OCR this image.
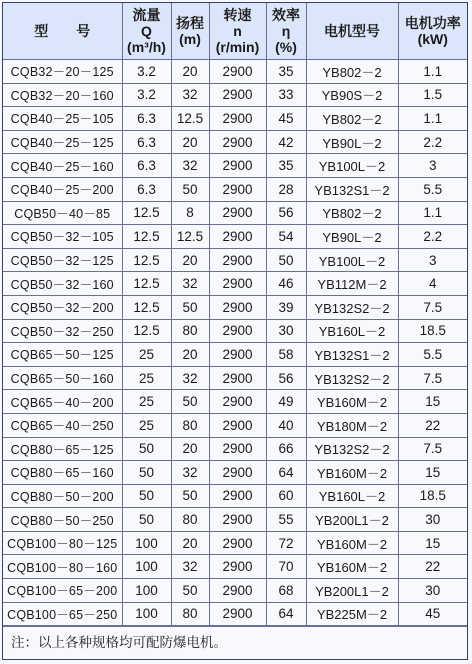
型　　号	流量
Q
(m³/h)	扬程
(m)	转速
n
(r/min)	效率
η
(%)	电机型号	电机功率
(kW)

CQB32－20－125	3.2	20	2900	35	YB802－2	1.1
CQB32－20－160	3.2	32	2900	33	YB90S－2	1.5
CQB40－25－105	6.3	12.5	2900	45	YB802－2	1.1
CQB40－25－125	6.3	20	2900	42	YB90L－2	2.2
CQB40－25－160	6.3	32	2900	35	YB100L－2	3
CQB40－25－200	6.3	50	2900	28	YB132S1－2	5.5
CQB50－40－85	12.5	8	2900	56	YB802－2	1.1
CQB50－32－105	12.5	12.5	2900	54	YB90L－2	2.2
CQB50－32－125	12.5	20	2900	50	YB100L－2	3
CQB50－32－160	12.5	32	2900	46	YB112M－2	4
CQB50－32－200	12.5	50	2900	39	YB132S2－2	7.5
CQB50－32－250	12.5	80	2900	30	YB160L－2	18.5
CQB65－50－125	25	20	2900	58	YB132S1－2	5.5
CQB65－50－160	25	32	2900	56	YB132S2－2	7.5
CQB65－40－200	25	50	2900	49	YB160M－2	15
CQB65－40－250	25	80	2900	40	YB180M－2	22
CQB80－65－125	50	20	2900	66	YB132S2－2	7.5
CQB80－65－160	50	32	2900	64	YB160M－2	15
CQB80－50－200	50	50	2900	60	YB160L－2	18.5
CQB80－50－250	50	80	2900	55	YB200L1－2	30
CQB100－80－125	100	20	2900	72	YB160M－2	15
CQB100－80－160	100	32	2900	70	YB160M－2	22
CQB100－65－200	100	50	2900	68	YB200L1－2	30
CQB100－65－250	100	80	2900	64	YB225M－2	45
注：以上各种规格均可配防爆电机。
